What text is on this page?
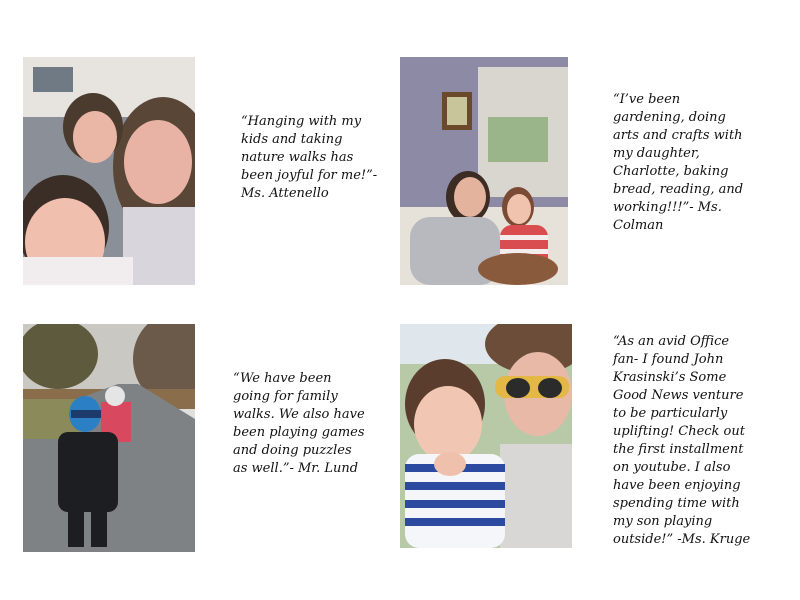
“Hanging with my
kids and taking
nature walks has
been joyful for me!”-
Ms. Attenello
“I’ve been
gardening, doing
arts and crafts with
my daughter,
Charlotte, baking
bread, reading, and
working!!!”- Ms.
Colman
“We have been
going for family
walks. We also have
been playing games
and doing puzzles
as well.”- Mr. Lund
“As an avid Office
fan- I found John
Krasinski’s Some
Good News venture
to be particularly
uplifting! Check out
the first installment
on youtube. I also
have been enjoying
spending time with
my son playing
outside!” -Ms. Kruge
